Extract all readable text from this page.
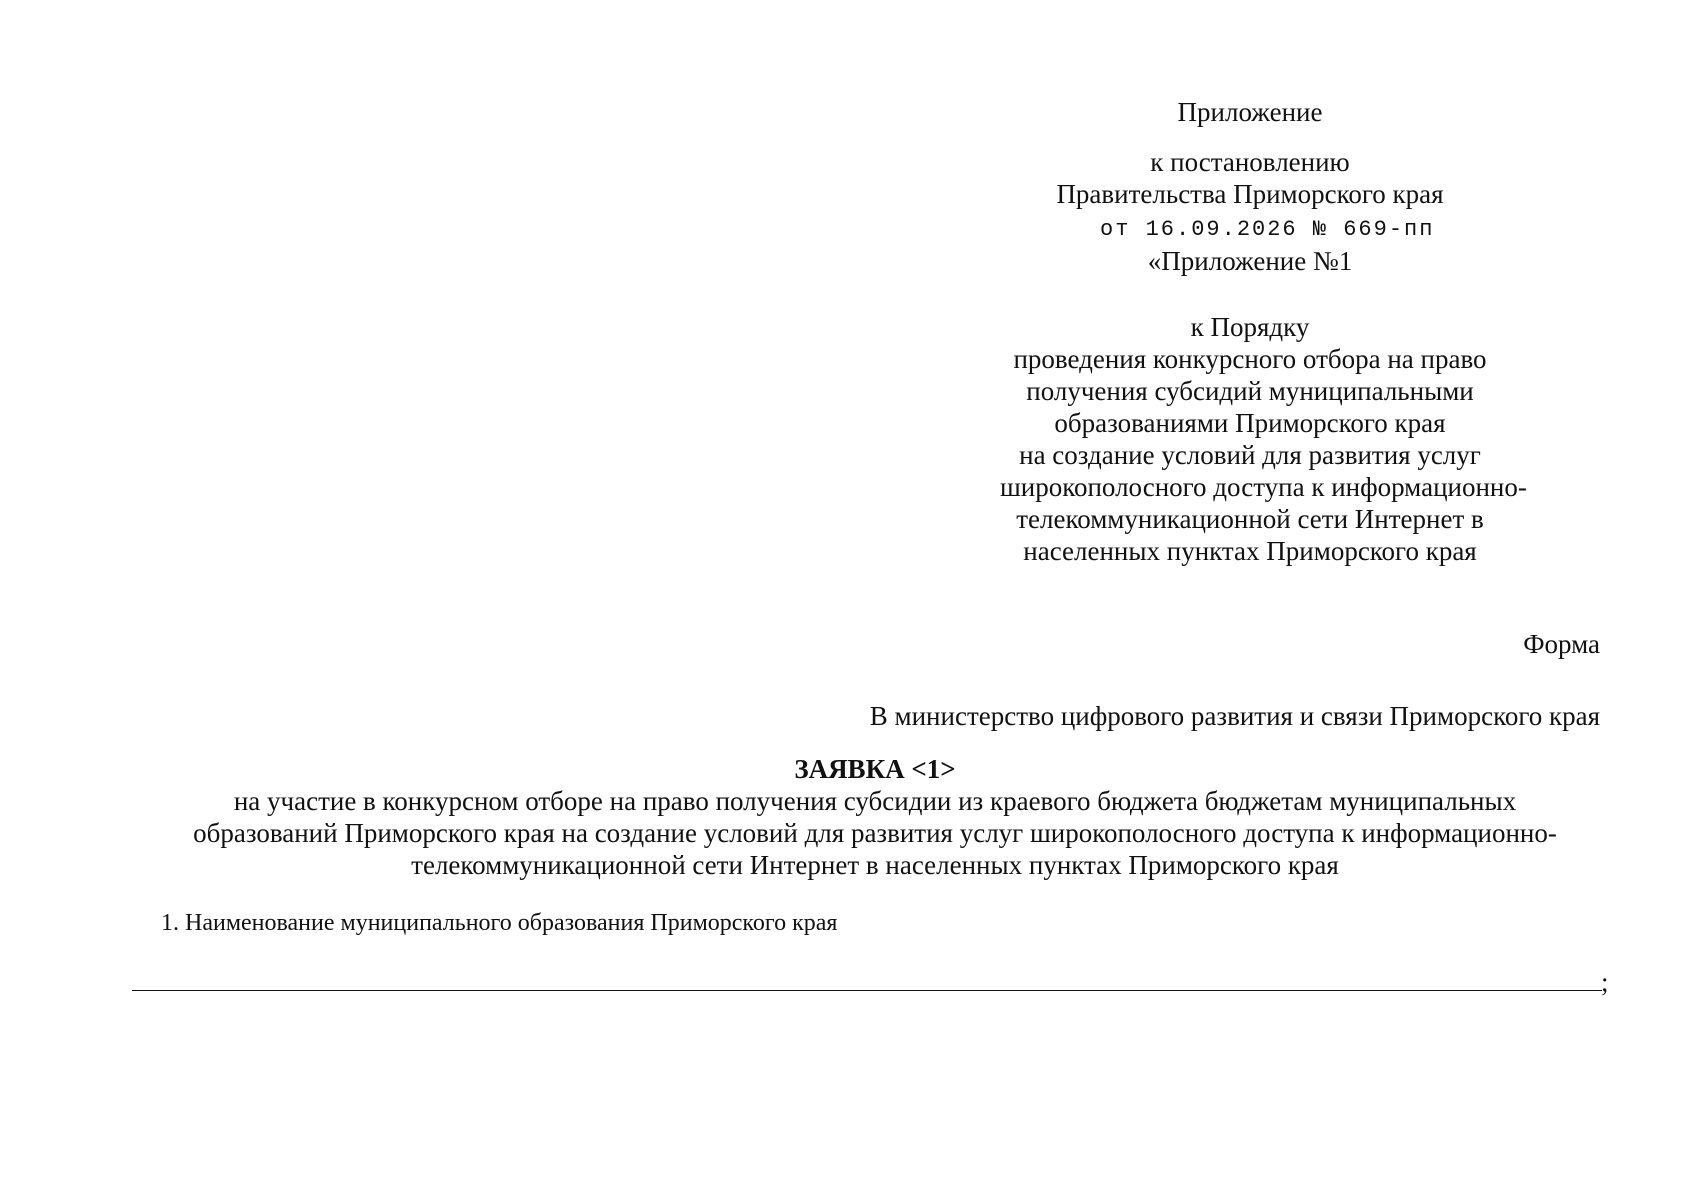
Приложение
к постановлению
Правительства Приморского края
от 16.09.2026 № 669-пп
«Приложение №1
к Порядку
проведения конкурсного отбора на право
получения субсидий муниципальными
образованиями Приморского края
на создание условий для развития услуг
широкополосного доступа к информационно-
телекоммуникационной сети Интернет в
населенных пунктах Приморского края
Форма
В министерство цифрового развития и связи Приморского края
ЗАЯВКА <1>
на участие в конкурсном отборе на право получения субсидии из краевого бюджета бюджетам муниципальных
образований Приморского края на создание условий для развития услуг широкополосного доступа к информационно-
телекоммуникационной сети Интернет в населенных пунктах Приморского края
1. Наименование муниципального образования Приморского края
;
